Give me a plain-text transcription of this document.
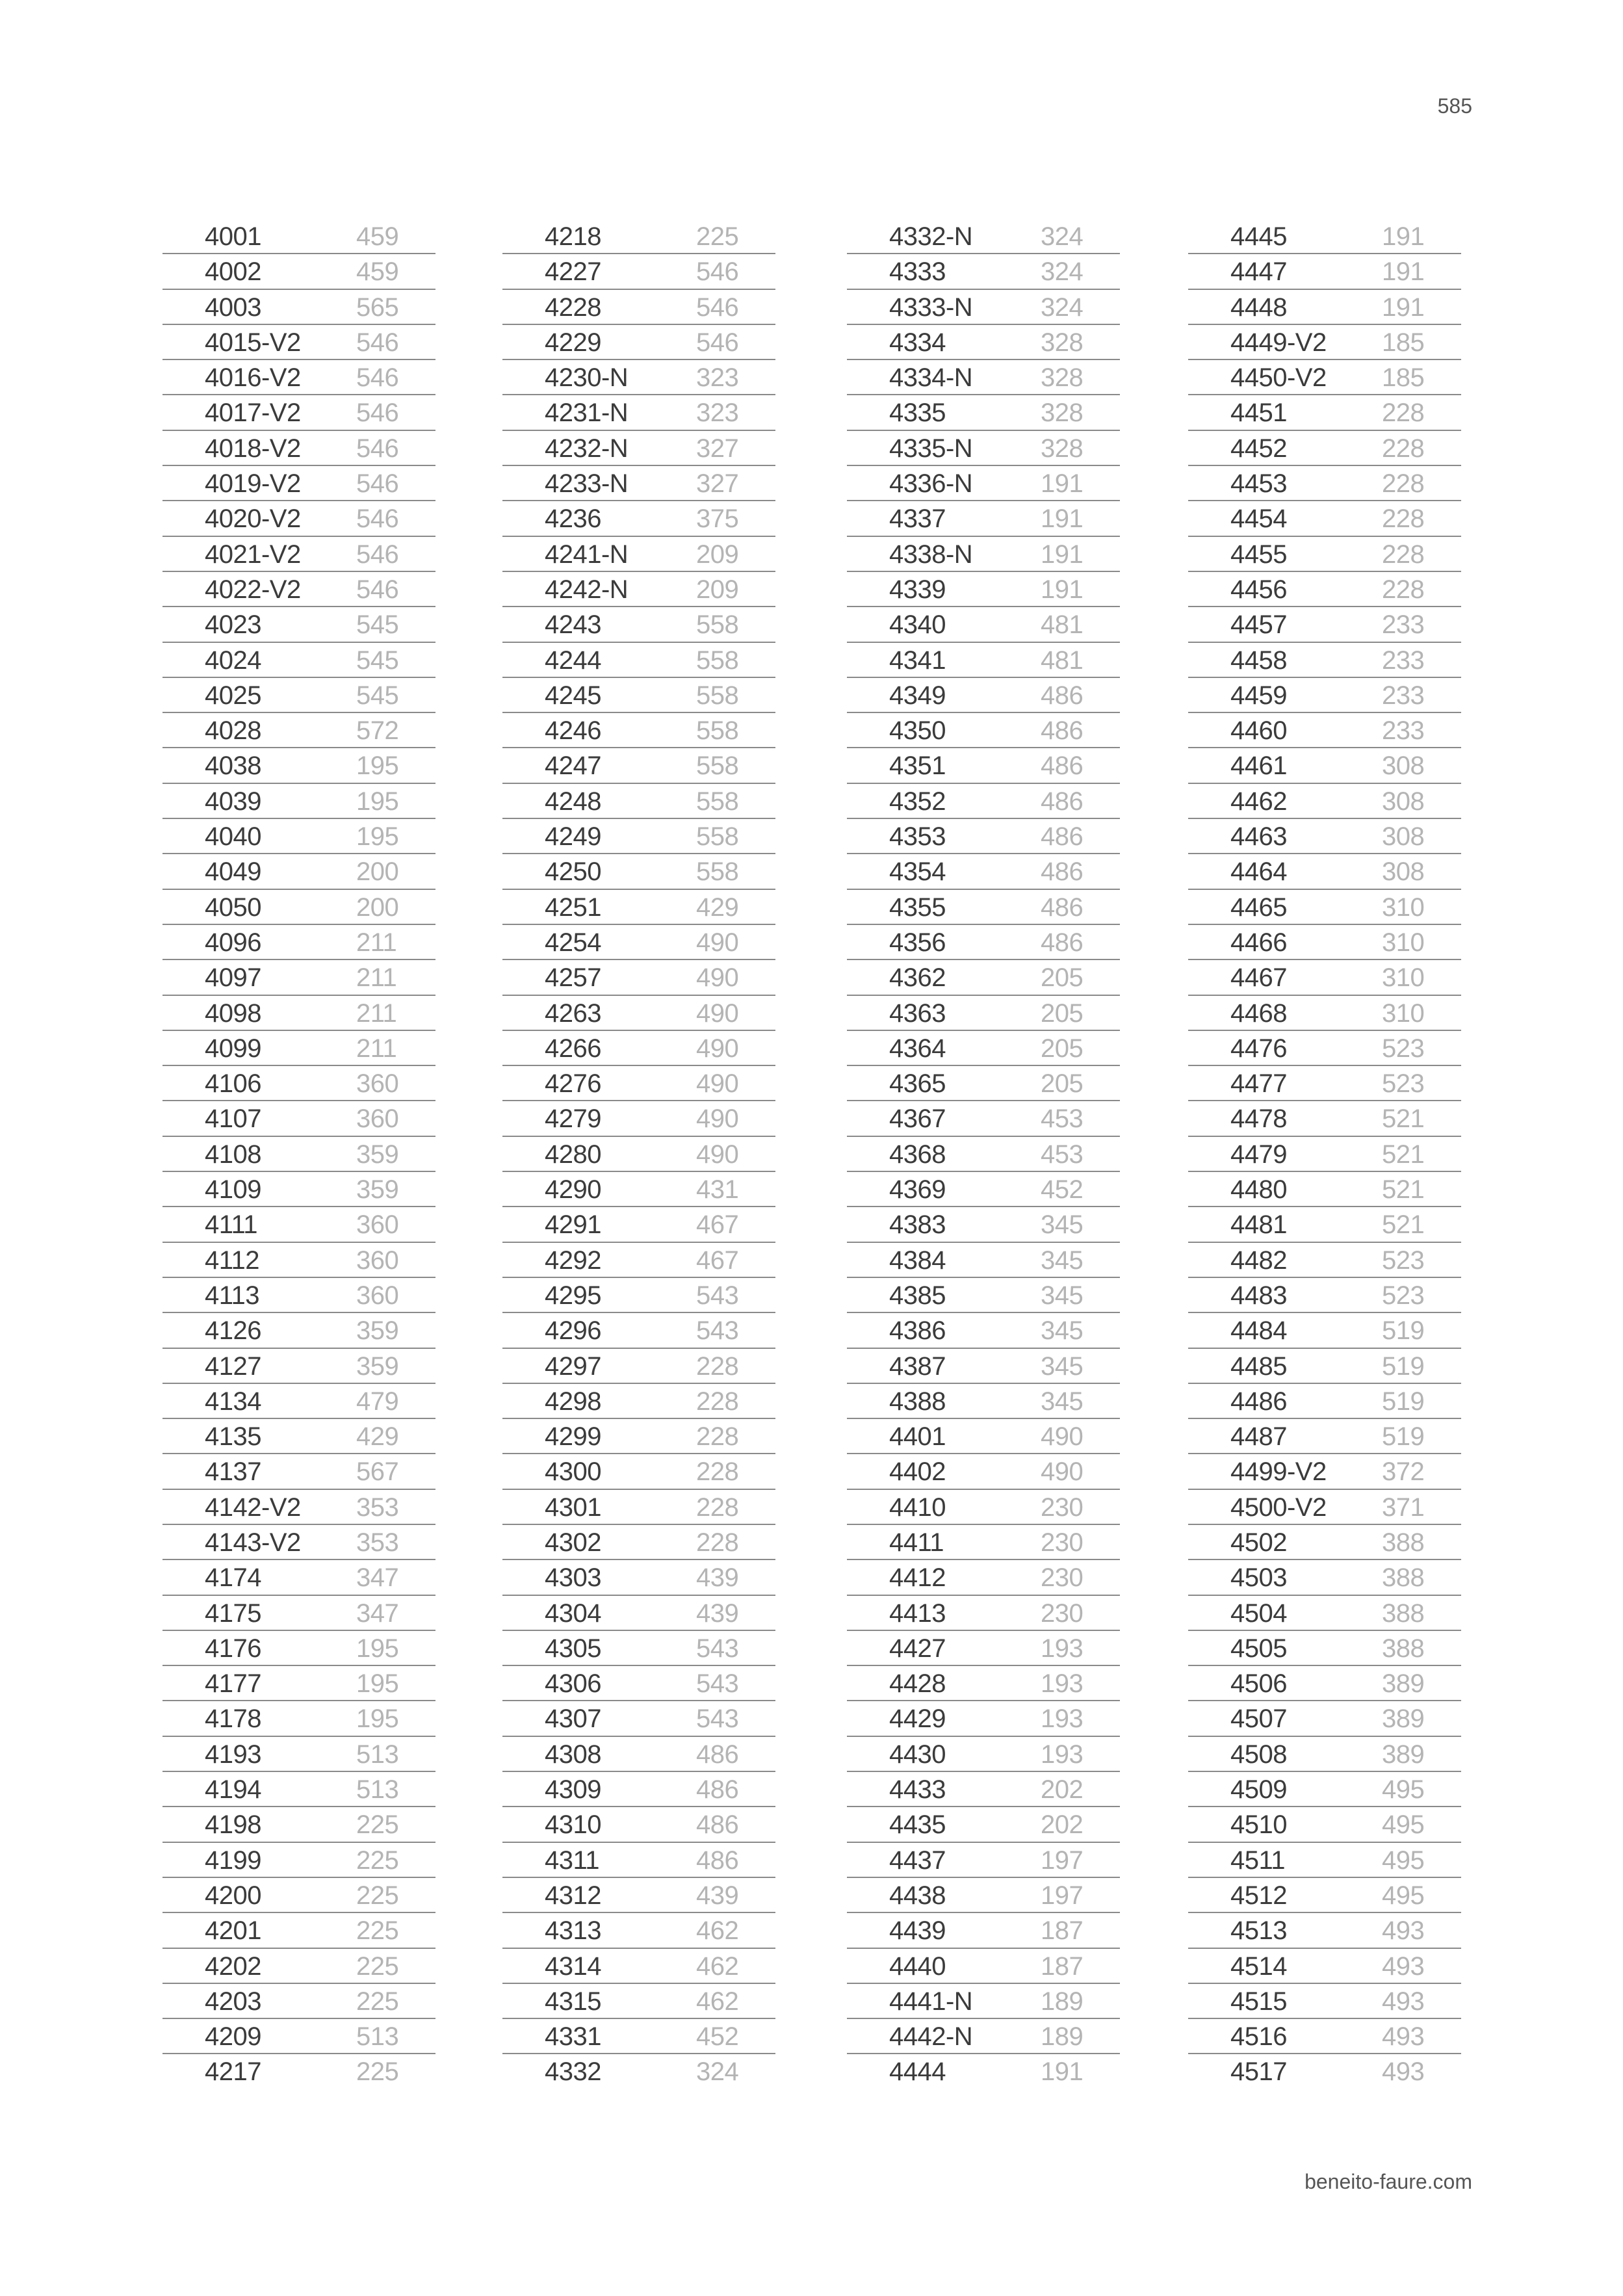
585
4001	459
4002	459
4003	565
4015-V2 546
4016-V2 546
4017-V2 546
4018-V2 546
4019-V2 546
4020-V2 546
4021-V2 546
4022-V2 546
4023	545
4024	545
4025	545
4028	572
4038	195
4039	195
4040	195
4049	200
4050	200
4096	211
4097	211
4098	211
4099	211
4106	360
4107	360
4108	359
4109	359
4111	360
4112	360
4113	360
4126	359
4127	359
4134	479
4135	429
4137	567
4142-V2 353
4143-V2 353
4174	347
4175	347
4176	195
4177	195
4178	195
4193	513
4194	513
4198	225
4199	225
4200	225
4201	225
4202	225
4203	225
4209	513
4217	225
4218	225
4227	546
4228	546
4229	546
4230-N	323
4231-N	323
4232-N	327
4233-N	327
4236	375
4241-N	209
4242-N	209
4243	558
4244	558
4245	558
4246	558
4247	558
4248	558
4249	558
4250	558
4251	429
4254	490
4257	490
4263	490
4266	490
4276	490
4279	490
4280	490
4290	431
4291	467
4292	467
4295	543
4296	543
4297	228
4298	228
4299	228
4300	228
4301	228
4302	228
4303	439
4304	439
4305	543
4306	543
4307	543
4308	486
4309	486
4310	486
4311	486
4312	439
4313	462
4314	462
4315	462
4331	452
4332	324
4332-N	324
4333	324
4333-N	324
4334	328
4334-N	328
4335	328
4335-N	328
4336-N	191
4337	191
4338-N	191
4339	191
4340	481
4341	481
4349	486
4350	486
4351	486
4352	486
4353	486
4354	486
4355	486
4356	486
4362	205
4363	205
4364	205
4365	205
4367	453
4368	453
4369	452
4383	345
4384	345
4385	345
4386	345
4387	345
4388	345
4401	490
4402	490
4410	230
4411	230
4412	230
4413	230
4427	193
4428	193
4429	193
4430	193
4433	202
4435	202
4437	197
4438	197
4439	187
4440	187
4441-N	189
4442-N	189
4444	191
4445	191
4447	191
4448	191
4449-V2 185
4450-V2 185
4451	228
4452	228
4453	228
4454	228
4455	228
4456	228
4457	233
4458	233
4459	233
4460	233
4461	308
4462	308
4463	308
4464	308
4465	310
4466	310
4467	310
4468	310
4476	523
4477	523
4478	521
4479	521
4480	521
4481	521
4482	523
4483	523
4484	519
4485	519
4486	519
4487	519
4499-V2 372
4500-V2 371
4502	388
4503	388
4504	388
4505	388
4506	389
4507	389
4508	389
4509	495
4510	495
4511	495
4512	495
4513	493
4514	493
4515	493
4516	493
4517	493
beneito-faure.com
